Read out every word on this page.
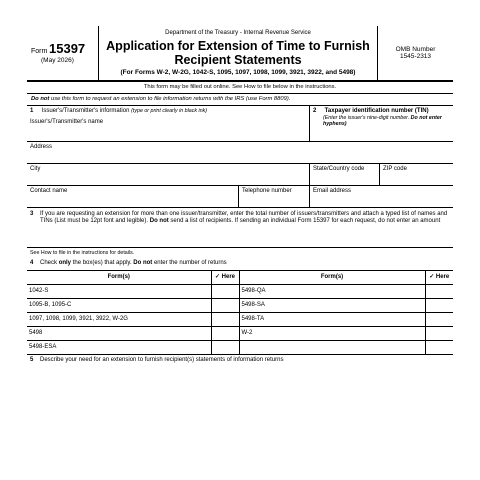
Form 15397
(May 2026)
Department of the Treasury - Internal Revenue Service
Application for Extension of Time to Furnish
Recipient Statements
(For Forms W-2, W-2G, 1042-S, 1095, 1097, 1098, 1099, 3921, 3922, and 5498)
OMB Number
1545-2313
This form may be filled out online. See How to file below in the instructions.
Do not use this form to request an extension to file information returns with the IRS (use Form 8809).
1 Issuer's/Transmitter's information (type or print clearly in black ink)
Issuer's/Transmitter's name
2 Taxpayer identification number (TIN)
(Enter the issuer's nine-digit number. Do not enter hyphens)
Address
City	State/Country code	ZIP code
Contact name	Telephone number	Email address
3	If you are requesting an extension for more than one issuer/transmitter, enter the total number of issuers/transmitters and attach a typed list of names and TINs (List must be 12pt font and legible). Do not send a list of recipients. If sending an individual Form 15397 for each request, do not enter an amount
See How to file in the instructions for details.
4 Check only the box(es) that apply. Do not enter the number of returns
Form(s)	✓ Here	Form(s)	✓ Here
1042-S		5498-QA	
1095-B, 1095-C		5498-SA	
1097, 1098, 1099, 3921, 3922, W-2G		5498-TA	
5498		W-2	
5498-ESA			
5 Describe your need for an extension to furnish recipient(s) statements of information returns
